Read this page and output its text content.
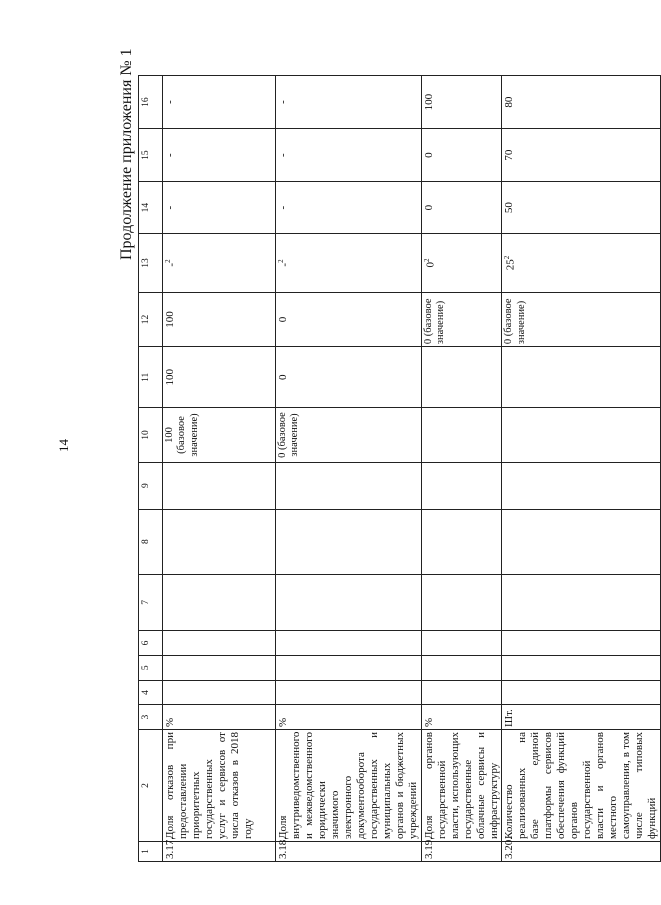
14
Продолжение приложения № 1
1	2	3	4	5	6	7	8	9	10	11	12	13	14	15	16
3.17.	Доля отказов при предоставлении приоритетных государственных услуг и сервисов от числа отказов в 2018 году	%							100 (базовое значение)	100	100	-$^2$	-	-	-
3.18.	Доля внутриведомственного и межведомственного юридически значимого электронного документооборота государственных и муниципальных органов и бюджетных учреждений	%							0 (базовое значение)	0	0	-$^2$	-	-	-
3.19.	Доля органов государственной власти, использующих государственные облачные сервисы и инфраструктуру	%									0 (базовое значение)	$0^2$	0	0	100
3.20.	Количество реализованных на базе единой платформы сервисов обеспечения функций органов государственной власти и органов местного самоуправления, в том числе типовых функций	Шт.									0 (базовое значение)	$25^2$	50	70	80
